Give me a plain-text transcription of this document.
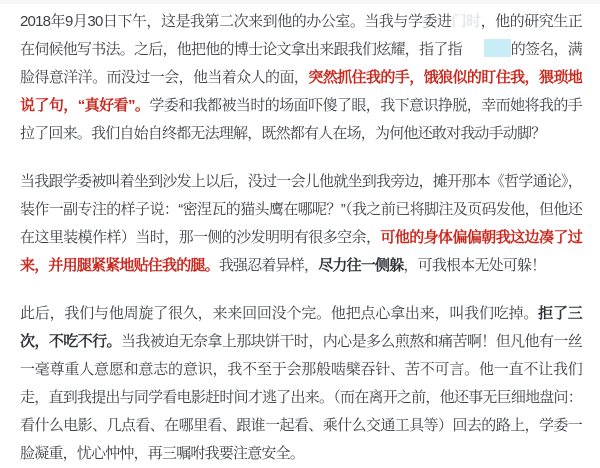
2018年9月30日下午，这是我第二次来到他的办公室。当我与学委进门时，他的研究生正在伺候他写书法。之后，他把他的博士论文拿出来跟我们炫耀，指了指	的签名，满脸得意洋洋。而没过一会，他当着众人的面，突然抓住我的手，饿狼似的盯住我，猥琐地说了句，“真好看”。学委和我都被当时的场面吓傻了眼，我下意识挣脱，幸而她将我的手拉了回来。我们自始自终都无法理解，既然都有人在场，为何他还敢对我动手动脚？

当我跟学委被叫着坐到沙发上以后，没过一会儿他就坐到我旁边，摊开那本《哲学通论》，装作一副专注的样子说：“密涅瓦的猫头鹰在哪呢？”（我之前已将脚注及页码发他，但他还在这里装模作样）当时，那一侧的沙发明明有很多空余，可他的身体偏偏朝我这边凑了过来，并用腿紧紧地贴住我的腿。我强忍着异样，尽力往一侧躲，可我根本无处可躲！

此后，我们与他周旋了很久，来来回回没个完。他把点心拿出来，叫我们吃掉。拒了三次，不吃不行。当我被迫无奈拿上那块饼干时，内心是多么煎熬和痛苦啊！但凡他有一丝一毫尊重人意愿和意志的意识，我不至于会那般啮檗吞针、苦不可言。他一直不让我们走，直到我提出与同学看电影赶时间才逃了出来。（而在离开之前，他还事无巨细地盘问：看什么电影、几点看、在哪里看、跟谁一起看、乘什么交通工具等）回去的路上，学委一脸凝重，忧心忡忡，再三嘱咐我要注意安全。
